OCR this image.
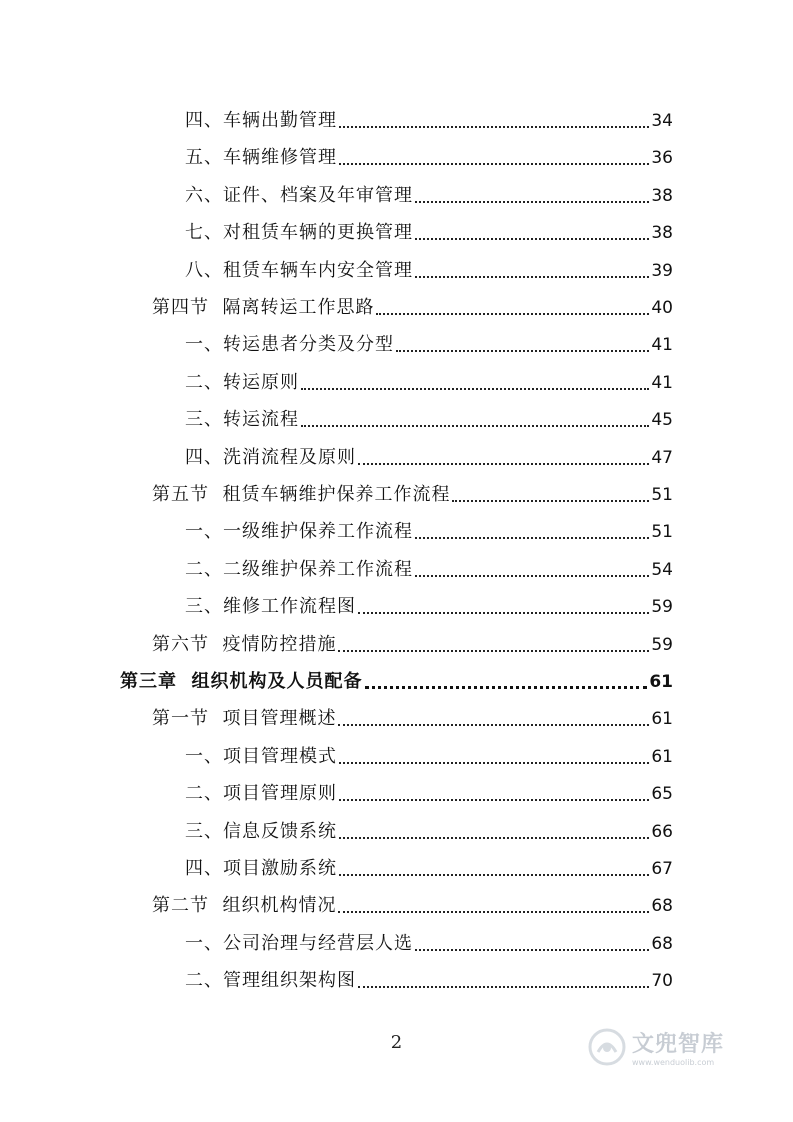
四、车辆出勤管理	34
五、车辆维修管理	36
六、证件、档案及年审管理	38
七、对租赁车辆的更换管理	38
八、租赁车辆车内安全管理	39
第四节  隔离转运工作思路	40
一、转运患者分类及分型	41
二、转运原则	41
三、转运流程	45
四、洗消流程及原则	47
第五节  租赁车辆维护保养工作流程	51
一、一级维护保养工作流程	51
二、二级维护保养工作流程	54
三、维修工作流程图	59
第六节  疫情防控措施	59
第三章  组织机构及人员配备	61
第一节  项目管理概述	61
一、项目管理模式	61
二、项目管理原则	65
三、信息反馈系统	66
四、项目激励系统	67
第二节  组织机构情况	68
一、公司治理与经营层人选	68
二、管理组织架构图	70
2	文兜智库
www.wenduolib.com
